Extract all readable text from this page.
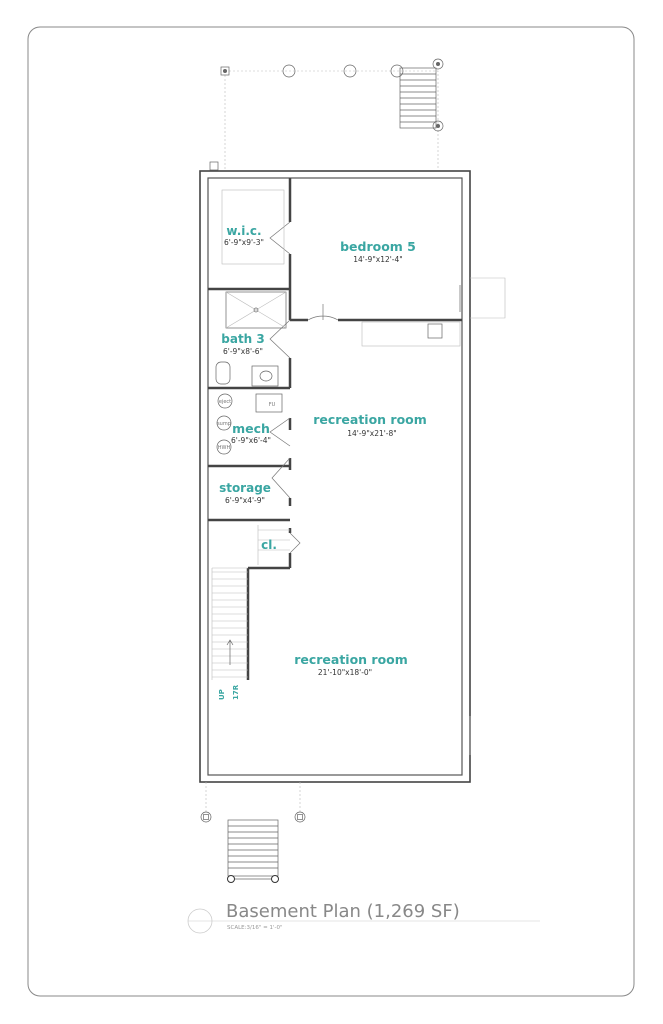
eject
sump
HWH
FU
UP 17R
w.i.c.
6'-9"x9'-3"	bedroom 5
14'-9"x12'-4"
bath 3
6'-9"x8'-6"
mech
6'-9"x6'-4"
storage
6'-9"x4'-9"
cl.
recreation room
14'-9"x21'-8"
recreation room
21'-10"x18'-0"
Basement Plan (1,269 SF)
SCALE:3/16" = 1'-0"
